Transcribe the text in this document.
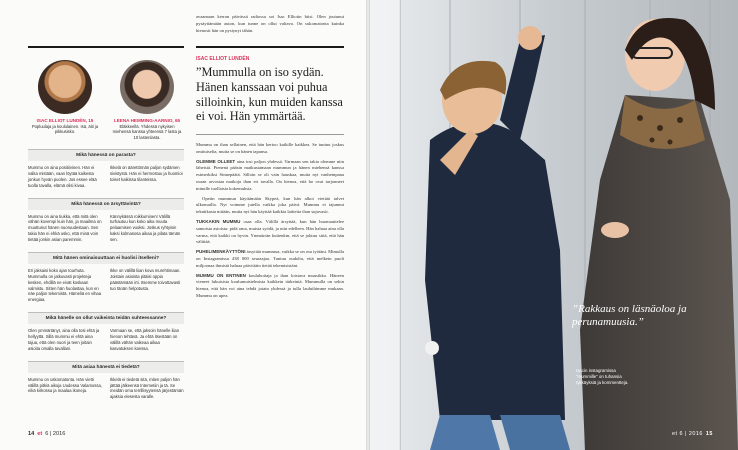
avaamaan kerran päivässä radiossa soi Isac Elliotin biisi. Olen joutunut pysäyttämään auton, kun tunne on ollut valtava. On uskomatonta kuinka hienosti hän on pystynyt tähän.
ISAC ELLIOT LUNDÉN, 15
Popluulaja ja koululainen. Isä, äiti ja pikkusisko.
LEENA HEMMING-AARNIO, 65
Eläkkeellä. Yhdessä nykyisen miehensä kanssa yhteensä 7 lasta ja 10 lastenlasta.
Mikä hänessä on parasta?

Mummu on aina positiivinen. Hän ei valita mistään, vaan löytää kaikesta jonkun hyvän puolen. Jos essee elää tuolla tavalla, elämä olisi kivaa.

Ikkelä on äärettömän paljon sydämen sivistystä. Hän ei hermostuu ja huomioi toiset kaikissa tilanteissa.

Mikä hänessä on ärsyttävintä?

Mummu on aina tiukka, että mitä olen vähän kovempi kuin hän, ja maailma on muuttunut hänen nuoruudestaan. Sen takia hän ei ehkä usko, että minä voin tietää jonkin asian paremmin.

Kännykässä roikkuminen! Välillä turhautuu kun koko aika muuta pelaamisen vuoksi. Joskus ryhtyisin kaksi kolmasosa aikaa ja pilata tämän sen.

Mitä hänen ominaisuuttaan ei huolisi itselleni?

Eri jaksaisi koko ajan tourhuta. Mummulla on jatkuvasti projekteja kesken, ehdillä ne eivät koskaan valmistu. Sitten hän huolastaa, kun en näe paljon tekemistä. Hämeliä en vihaa energiaa.

Ikke on välillä liian kova murehtimaan. Joistain asioista pitäisi oppia päästämään irti. Itsemme toivottavasti tuo tänän helpotusta.

Mikä hänelle on ollut vaikeinta teidän suhteessanne?

Olen ymmärtänyt, aina olla tosi ehtä ja hellyyttä. Sillä mummu ei ehtä aina tajua, että olen nuori ja teen joitain asioita omalla tavallani.

Varmaan se, että jaksoin hänelle liian hienon tehtävä. Ja ehtä itsestään on välillä vähän vaikeaa aikaa kasvatuksen kanssa.

Mitä asiaa hänestä ei tiedetä?

Mummu on uskomatonta. Hän vietti välillä pitkiä aikoja Uudessa Valamossa, eikä kirkossa ja maalaa ikoneja.

Ikkelä ei tiedetä sitä, miten paljon hän jättää jälkeensä Internetiin ja tä. Se meidän oma terrillisyytensä järjestämän ajaksia elesesta varalle.

ISAC ELLIOT LUNDÉN
”Mummulla on iso sydän. Hänen kanssaan voi puhua silloinkin, kun muiden kanssa ei voi. Hän ymmärtää.

Mummu on ihan sellainen, että hän kertoo kaikille kaikkea. Se tuntuu joskus omituiselta, mutta se on hänen tapansa.

OLEMME OLLEET aina tosi paljon yhdessä. Varmaan sen takia olemme niin läheisiä. Pienenä pääsin matkustamaan mummun ja hänen miehensä kanssa esimerkiksi Sinnepäätä. Silloin se oli vain hauskaa, mutta nyt vanhempana osaan arvostaa matkoja ihan eri tavalla. On hienoa, että ho ovat tarjonneet minulle tuollaisia kokemuksia.

Opetin mummun käyttämään Skypeä, kun hän alkoi viettää talvet ulkomailla. Nyt voimme jutella vaikka joka päivä. Mummu ei tajunnut tekniikasta mitään, mutta nyt hän käyttää kaikkia laitteita ihan sujuvasti.

TUKKAKIN MUMMU osaa olla. Välillä ärsyttää, kun hän huomauttelee samoista asioista: pidä oma, muista syödä, ja niin edelleen. Hän haluaa aina olla varma, että kaikki on hyvin. Ymmärrän kuitenkin, että se johtuu siitä, että hän välittää.

PUHELIMENKÄYTTÖNI ärsyttää mummua, vaikka se on osa työtäni. Mimulla on Instagramissa 438 000 seuraajaa. Tuntuu oudolta, että melkein puoli miljoonaa ihmistä haluaa päivittäin tietää tekemisistäni.

MUMMU ON ENTINEN kouluhoitaja ja ihan loistava muusikko. Häneen vieneet lukuisista koulumuistelmista kaikkein tärkeintä. Mummulla on sekin hienoa, että hän voi aina tehdä jotain yhdessä ja tulla lauluihimme mukaan. Mummu on upea.

14 et 6 | 2016
”Rakkaus on läsnäoloa ja perunamuusia.”
Isacin instagramissa ”mummille” on tuhansia tykkäyksiä ja kommentteja.
et 6 | 2016 15
